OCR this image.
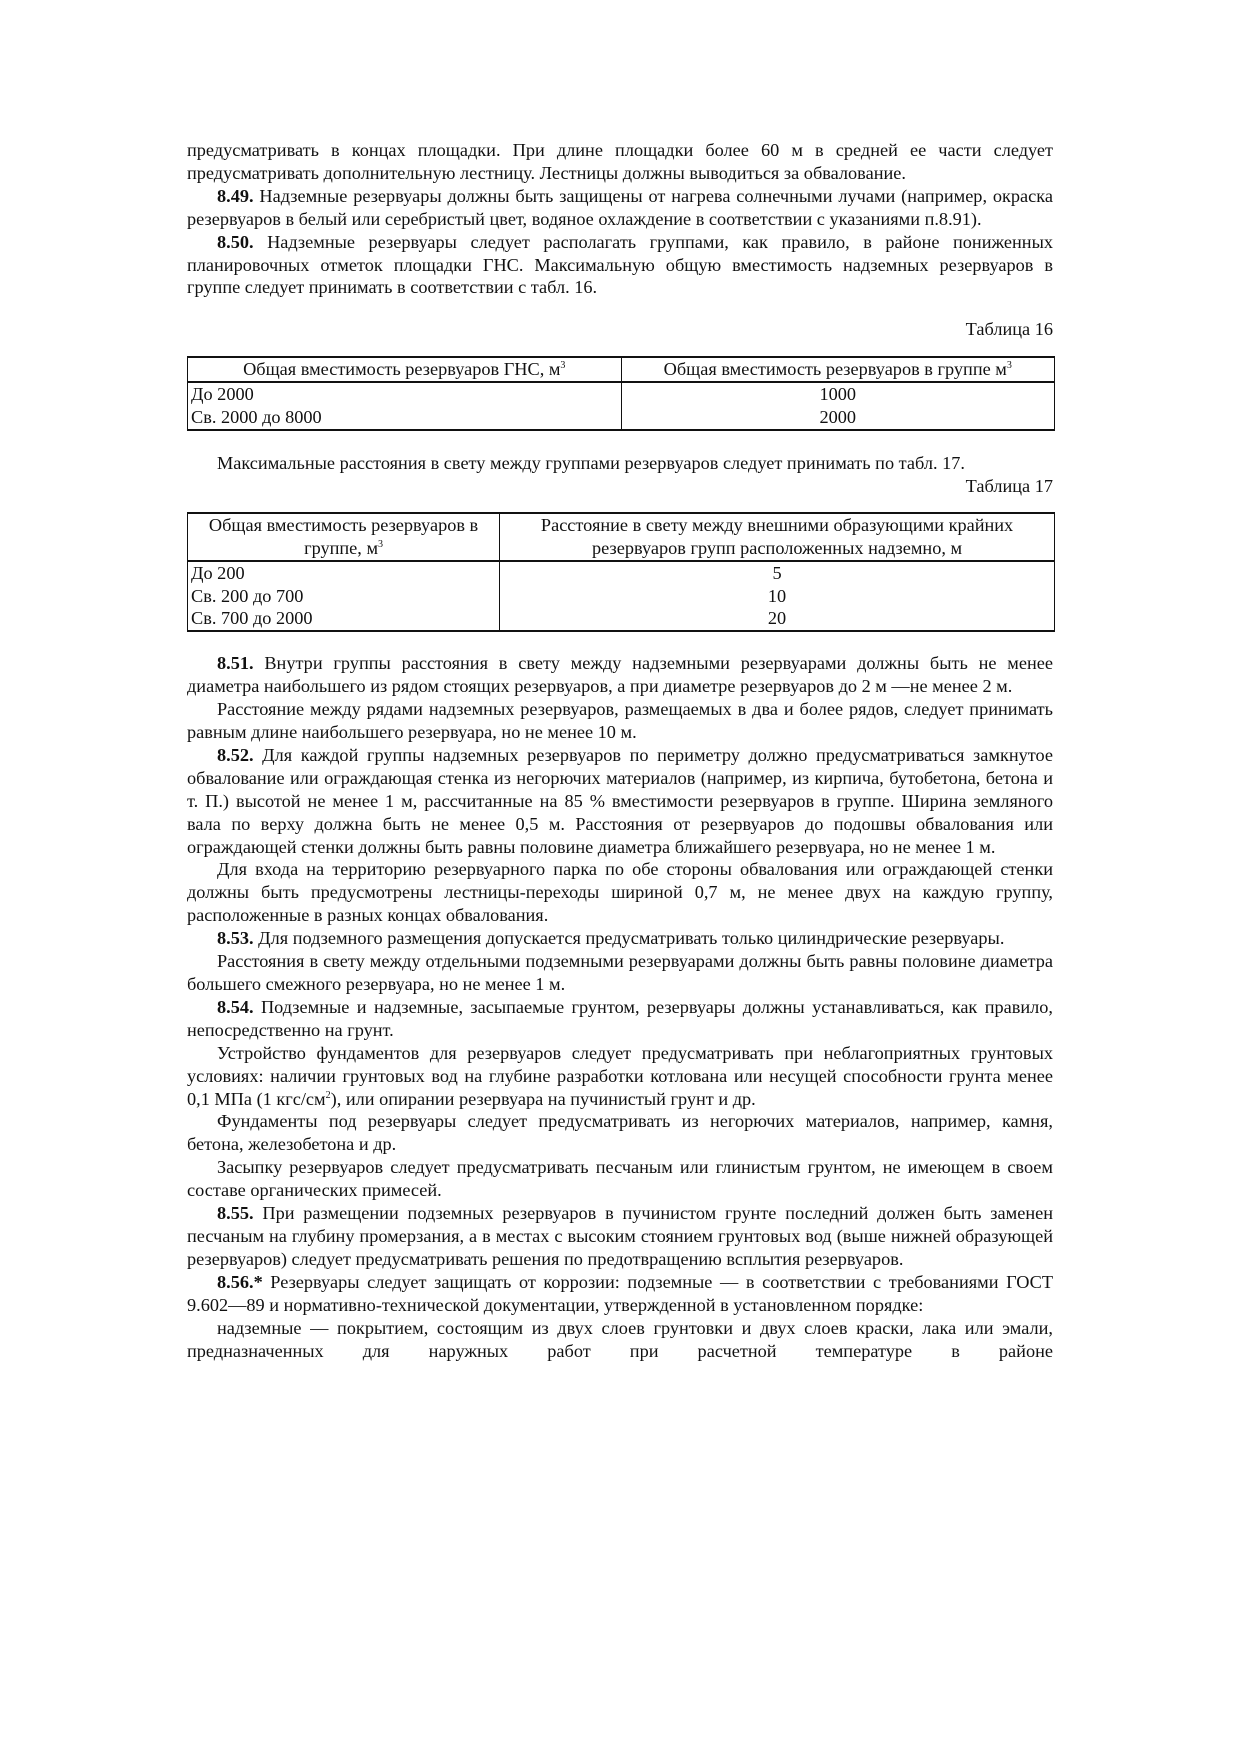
предусматривать в концах площадки. При длине площадки более 60 м в средней ее части следует предусматривать дополнительную лестницу. Лестницы должны выводиться за обвалование.

8.49. Надземные резервуары должны быть защищены от нагрева солнечными лучами (например, окраска резервуаров в белый или серебристый цвет, водяное охлаждение в соответствии с указаниями п.8.91).

8.50. Надземные резервуары следует располагать группами, как правило, в районе пониженных планировочных отметок площадки ГНС. Максимальную общую вместимость надземных резервуаров в группе следует принимать в соответствии с табл. 16.

Таблица 16

Общая вместимость резервуаров ГНС, $м^3$	Общая вместимость резервуаров в группе $м^3$
До 2000	1000
Св. 2000 до 8000	2000

Максимальные расстояния в свету между группами резервуаров следует принимать по табл. 17.

Таблица 17

Общая вместимость резервуаров в группе, $м^3$	Расстояние в свету между внешними образующими крайних резервуаров групп расположенных надземно, м
До 200	5
Св. 200 до 700	10
Св. 700 до 2000	20

8.51. Внутри группы расстояния в свету между надземными резервуарами должны быть не менее диаметра наибольшего из рядом стоящих резервуаров, а при диаметре резервуаров до 2 м —не менее 2 м.

Расстояние между рядами надземных резервуаров, размещаемых в два и более рядов, следует принимать равным длине наибольшего резервуара, но не менее 10 м.

8.52. Для каждой группы надземных резервуаров по периметру должно предусматриваться замкнутое обвалование или ограждающая стенка из негорючих материалов (например, из кирпича, бутобетона, бетона и т. П.) высотой не менее 1 м, рассчитанные на 85 % вместимости резервуаров в группе. Ширина земляного вала по верху должна быть не менее 0,5 м. Расстояния от резервуаров до подошвы обвалования или ограждающей стенки должны быть равны половине диаметра ближайшего резервуара, но не менее 1 м.

Для входа на территорию резервуарного парка по обе стороны обвалования или ограждающей стенки должны быть предусмотрены лестницы-переходы шириной 0,7 м, не менее двух на каждую группу, расположенные в разных концах обвалования.

8.53. Для подземного размещения допускается предусматривать только цилиндрические резервуары.

Расстояния в свету между отдельными подземными резервуарами должны быть равны половине диаметра большего смежного резервуара, но не менее 1 м.

8.54. Подземные и надземные, засыпаемые грунтом, резервуары должны устанавливаться, как правило, непосредственно на грунт.

Устройство фундаментов для резервуаров следует предусматривать при неблагоприятных грунтовых условиях: наличии грунтовых вод на глубине разработки котлована или несущей способности грунта менее 0,1 МПа (1 кгс/$см^2$), или опирании резервуара на пучинистый грунт и др.

Фундаменты под резервуары следует предусматривать из негорючих материалов, например, камня, бетона, железобетона и др.

Засыпку резервуаров следует предусматривать песчаным или глинистым грунтом, не имеющем в своем составе органических примесей.

8.55. При размещении подземных резервуаров в пучинистом грунте последний должен быть заменен песчаным на глубину промерзания, а в местах с высоким стоянием грунтовых вод (выше нижней образующей резервуаров) следует предусматривать решения по предотвращению всплытия резервуаров.

8.56.* Резервуары следует защищать от коррозии: подземные — в соответствии с требованиями ГОСТ 9.602—89 и нормативно-технической документации, утвержденной в установленном порядке:

надземные — покрытием, состоящим из двух слоев грунтовки и двух слоев краски, лака или эмали, предназначенных для наружных работ при расчетной температуре в районе
